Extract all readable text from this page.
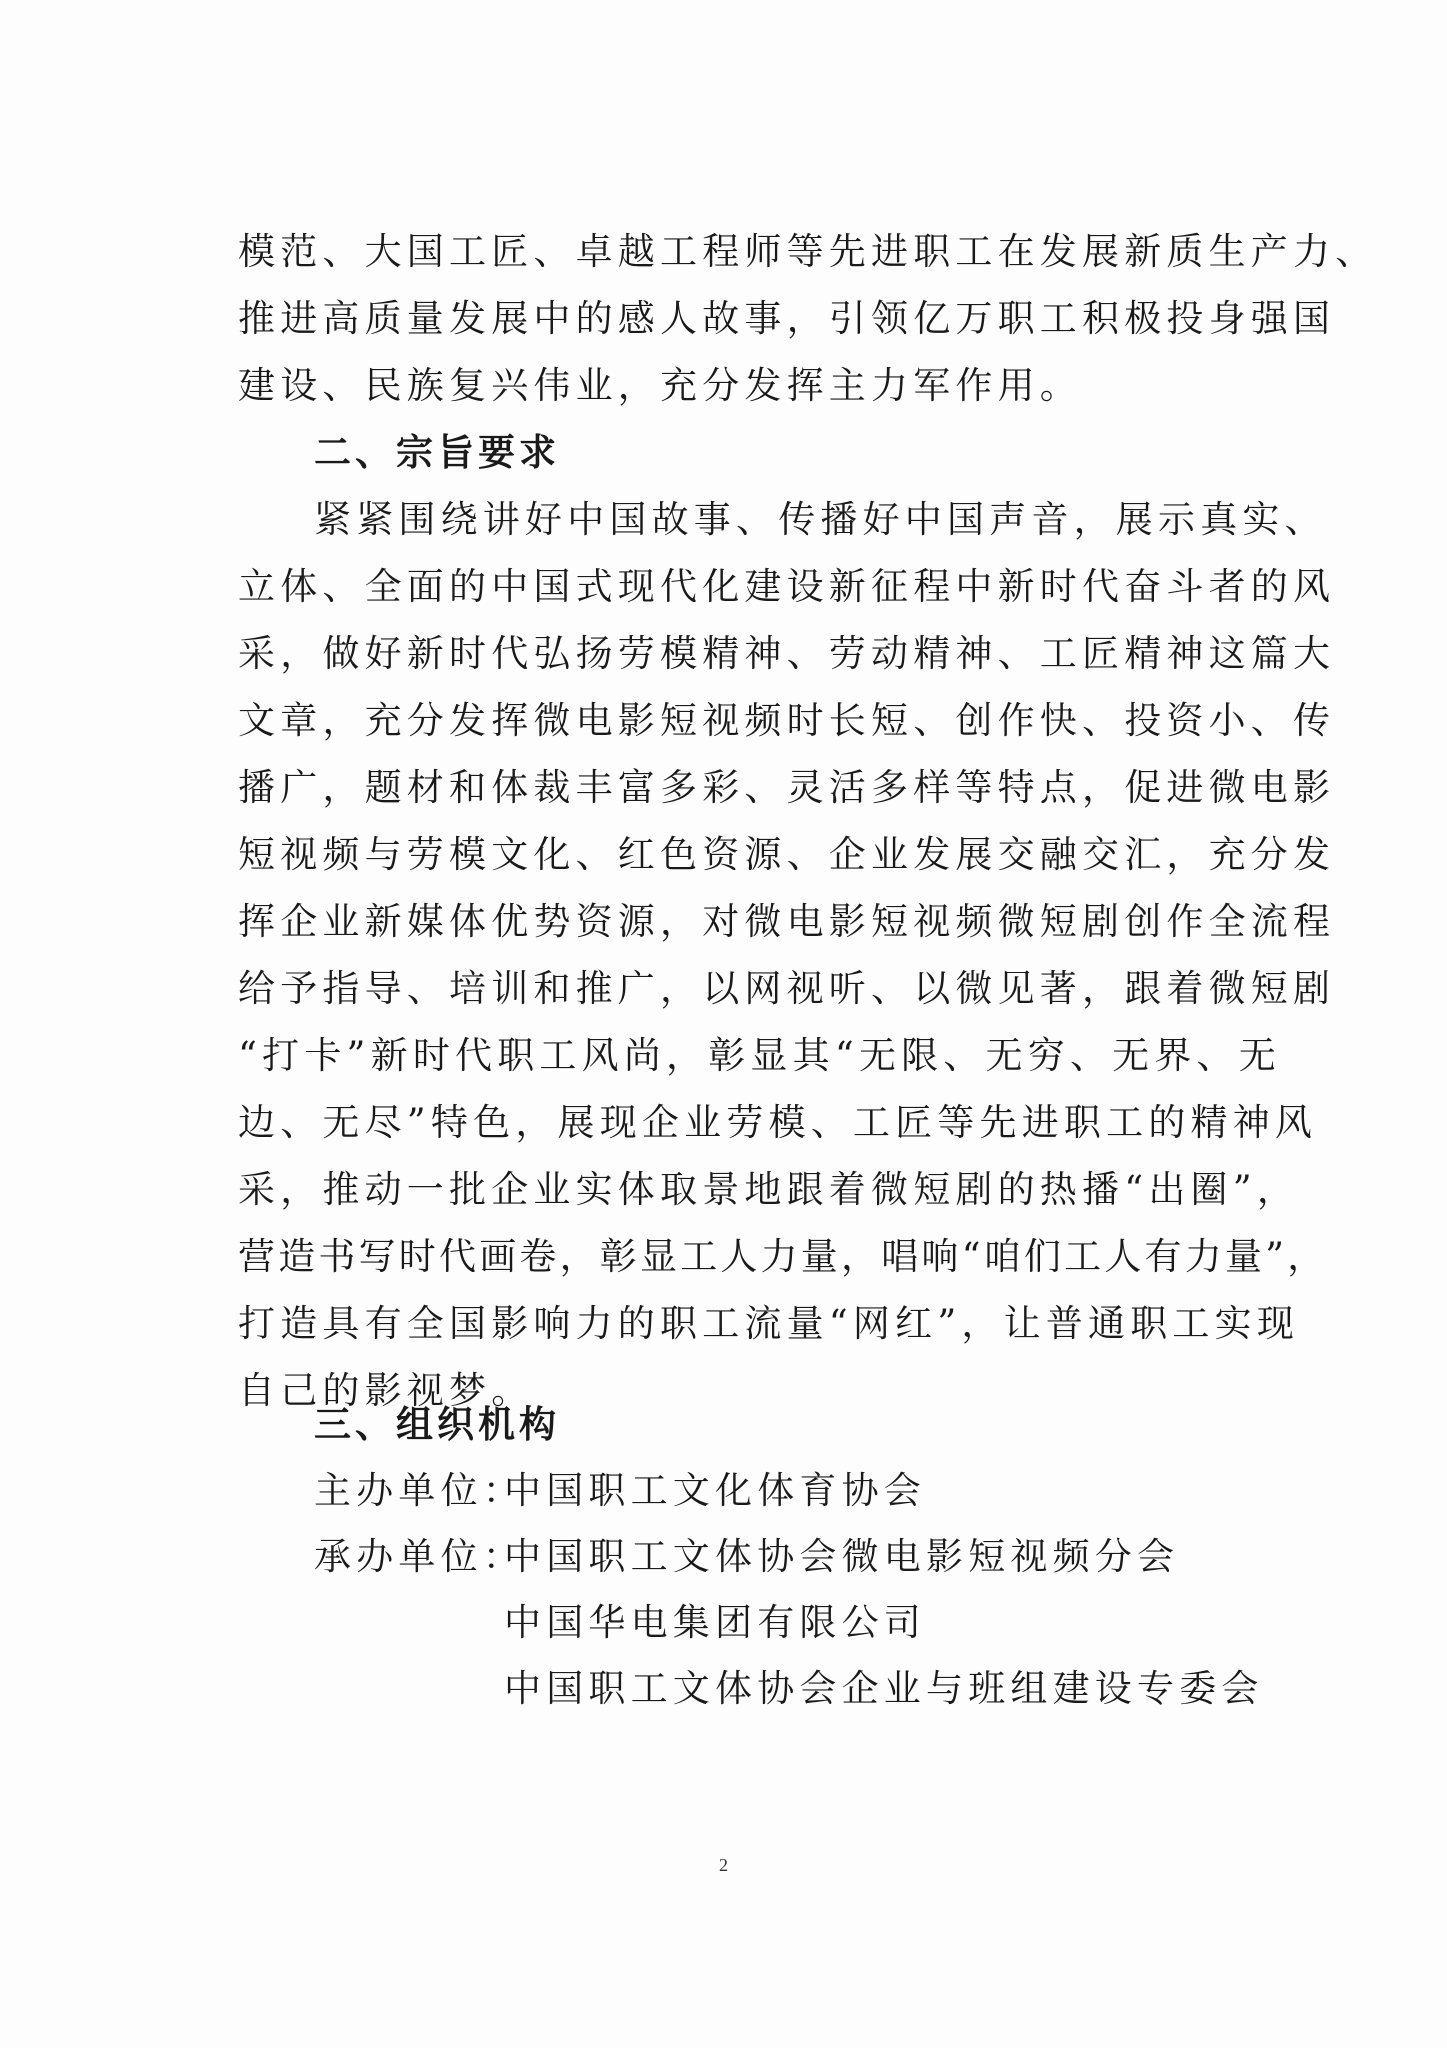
模范、大国工匠、卓越工程师等先进职工在发展新质生产力、
推进高质量发展中的感人故事，引领亿万职工积极投身强国
建设、民族复兴伟业，充分发挥主力军作用。
二、宗旨要求
紧紧围绕讲好中国故事、传播好中国声音，展示真实、
立体、全面的中国式现代化建设新征程中新时代奋斗者的风
采，做好新时代弘扬劳模精神、劳动精神、工匠精神这篇大
文章，充分发挥微电影短视频时长短、创作快、投资小、传
播广，题材和体裁丰富多彩、灵活多样等特点，促进微电影
短视频与劳模文化、红色资源、企业发展交融交汇，充分发
挥企业新媒体优势资源，对微电影短视频微短剧创作全流程
给予指导、培训和推广，以网视听、以微见著，跟着微短剧
“打卡”新时代职工风尚，彰显其“无限、无穷、无界、无
边、无尽”特色，展现企业劳模、工匠等先进职工的精神风
采，推动一批企业实体取景地跟着微短剧的热播“出圈”，
营造书写时代画卷，彰显工人力量，唱响“咱们工人有力量”，
打造具有全国影响力的职工流量“网红”，让普通职工实现
自己的影视梦。
三、组织机构
主办单位：中国职工文化体育协会
承办单位：中国职工文体协会微电影短视频分会
中国华电集团有限公司
中国职工文体协会企业与班组建设专委会
2
